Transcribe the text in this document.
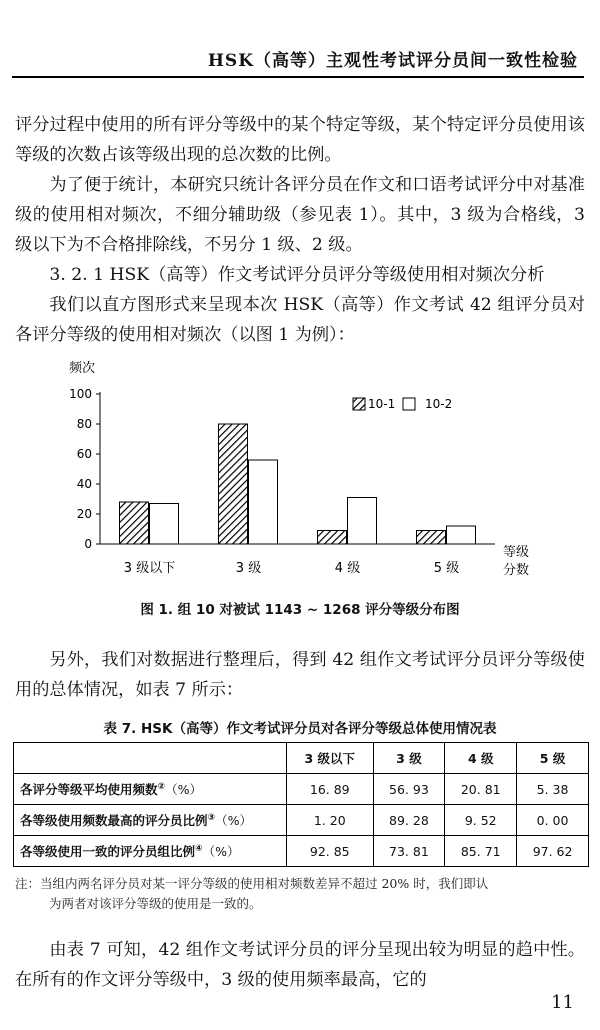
HSK（高等）主观性考试评分员间一致性检验
评分过程中使用的所有评分等级中的某个特定等级，某个特定评分员使用该等级的次数占该等级出现的总次数的比例。
为了便于统计，本研究只统计各评分员在作文和口语考试评分中对基准级的使用相对频次，不细分辅助级（参见表 1）。其中，3 级为合格线，3 级以下为不合格排除线，不另分 1 级、2 级。
3. 2. 1 HSK（高等）作文考试评分员评分等级使用相对频次分析
我们以直方图形式来呈现本次 HSK（高等）作文考试 42 组评分员对各评分等级的使用相对频次（以图 1 为例）：
频次
0
20
40
60
80
100
3 级以下	3 级	4 级	5 级
等级
分数
10-1 10-2
图 1. 组 10 对被试 1143 ~ 1268 评分等级分布图
另外，我们对数据进行整理后，得到 42 组作文考试评分员评分等级使用的总体情况，如表 7 所示：
表 7. HSK（高等）作文考试评分员对各评分等级总体使用情况表
	3 级以下	3 级	4 级	5 级
各评分等级平均使用频数②（%）	16. 89	56. 93	20. 81	5. 38
各等级使用频数最高的评分员比例③（%）	1. 20	89. 28	9. 52	0. 00
各等级使用一致的评分员组比例④（%）	92. 85	73. 81	85. 71	97. 62
注：当组内两名评分员对某一评分等级的使用相对频数差异不超过 20% 时，我们即认
为两者对该评分等级的使用是一致的。
由表 7 可知，42 组作文考试评分员的评分呈现出较为明显的趋中性。在所有的作文评分等级中，3 级的使用频率最高，它的
11
